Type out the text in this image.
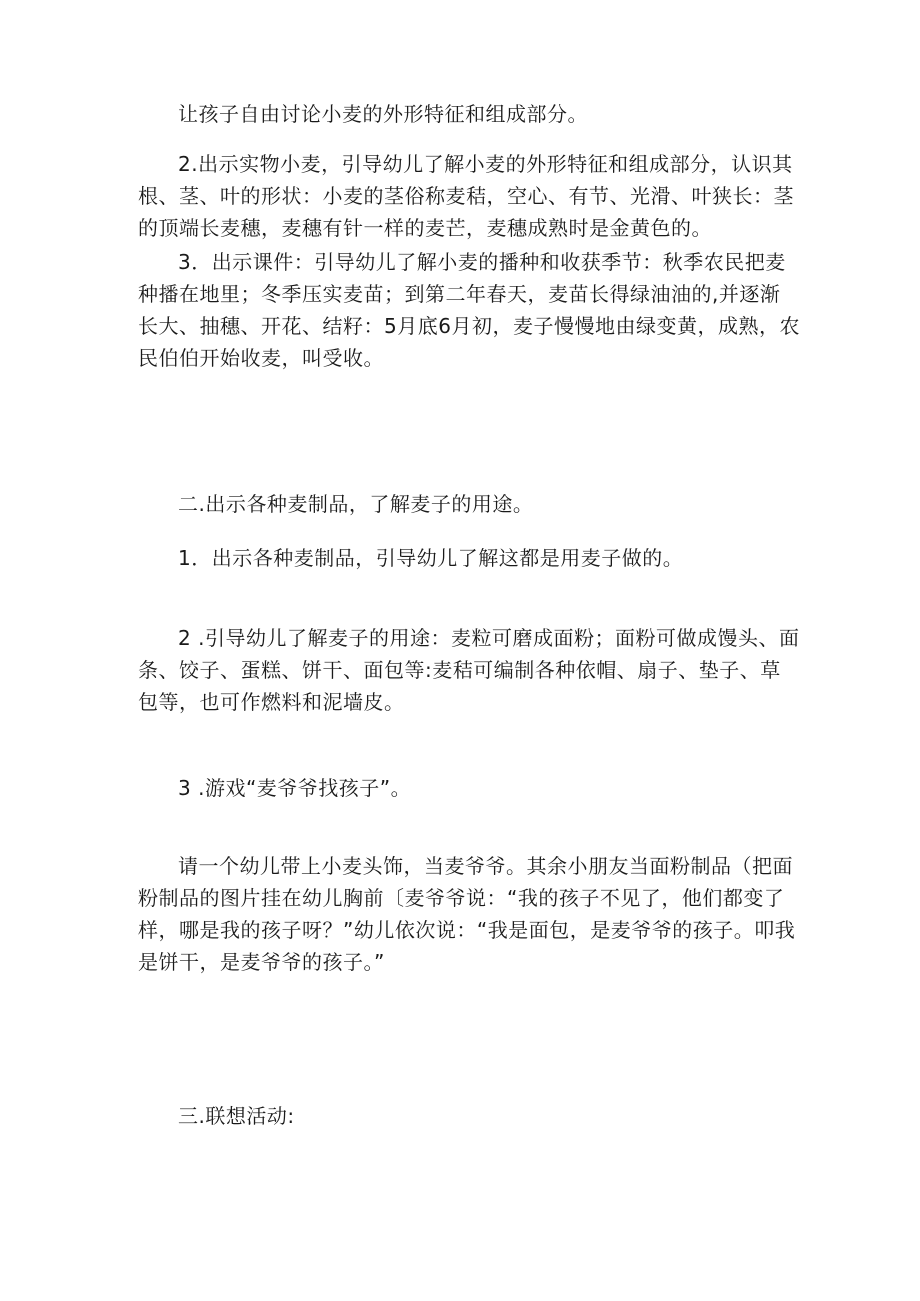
让孩子自由讨论小麦的外形特征和组成部分。

2.出示实物小麦，引导幼儿了解小麦的外形特征和组成部分，认识其根、茎、叶的形状：小麦的茎俗称麦秸，空心、有节、光滑、叶狭长：茎的顶端长麦穗，麦穗有针一样的麦芒，麦穗成熟时是金黄色的。

3．出示课件：引导幼儿了解小麦的播种和收获季节：秋季农民把麦种播在地里；冬季压实麦苗；到第二年春天，麦苗长得绿油油的,并逐渐长大、抽穗、开花、结籽：5月底6月初，麦子慢慢地由绿变黄，成熟，农民伯伯开始收麦，叫受收。

二.出示各种麦制品，了解麦子的用途。

1．出示各种麦制品，引导幼儿了解这都是用麦子做的。

2 .引导幼儿了解麦子的用途：麦粒可磨成面粉；面粉可做成馒头、面条、饺子、蛋糕、饼干、面包等:麦秸可编制各种依帽、扇子、垫子、草包等，也可作燃料和泥墙皮。

3 .游戏“麦爷爷找孩子”。

请一个幼儿带上小麦头饰，当麦爷爷。其余小朋友当面粉制品（把面粉制品的图片挂在幼儿胸前〔麦爷爷说：“我的孩子不见了，他们都变了样，哪是我的孩子呀？”幼儿依次说：“我是面包，是麦爷爷的孩子。叩我是饼干，是麦爷爷的孩子。”

三.联想活动:
